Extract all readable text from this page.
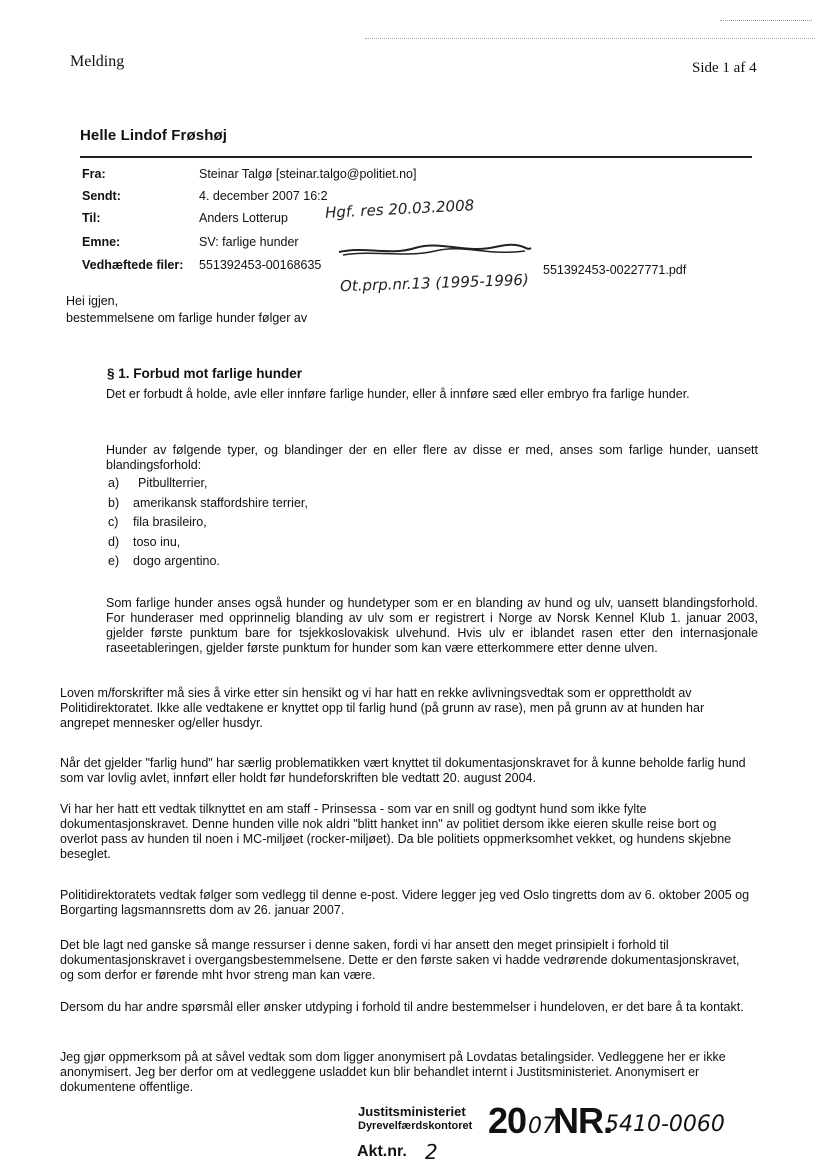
Melding	Side 1 af 4
Helle Lindof Frøshøj
Fra:	Steinar Talgø [steinar.talgo@politiet.no]
Sendt:	4. december 2007 16:2
Til:	Anders Lotterup
Emne:	SV: farlige hunder
Vedhæftede filer: 551392453-00168635	551392453-00227771.pdf
Hgf. res 20.03.2008
Ot.prp.nr.13 (1995-1996)
Hei igjen,
bestemmelsene om farlige hunder følger av
§ 1. Forbud mot farlige hunder
Det er forbudt å holde, avle eller innføre farlige hunder, eller å innføre sæd eller embryo fra farlige hunder.
Hunder av følgende typer, og blandinger der en eller flere av disse er med, anses som farlige hunder, uansett blandingsforhold:
a) Pitbullterrier,
b) amerikansk staffordshire terrier,
c) fila brasileiro,
d) toso inu,
e) dogo argentino.
Som farlige hunder anses også hunder og hundetyper som er en blanding av hund og ulv, uansett blandingsforhold. For hunderaser med opprinnelig blanding av ulv som er registrert i Norge av Norsk Kennel Klub 1. januar 2003, gjelder første punktum bare for tsjekkoslovakisk ulvehund. Hvis ulv er iblandet rasen etter den internasjonale raseetableringen, gjelder første punktum for hunder som kan være etterkommere etter denne ulven.
Loven m/forskrifter må sies å virke etter sin hensikt og vi har hatt en rekke avlivningsvedtak som er opprettholdt av Politidirektoratet. Ikke alle vedtakene er knyttet opp til farlig hund (på grunn av rase), men på grunn av at hunden har angrepet mennesker og/eller husdyr.
Når det gjelder "farlig hund" har særlig problematikken vært knyttet til dokumentasjonskravet for å kunne beholde farlig hund som var lovlig avlet, innført eller holdt før hundeforskriften ble vedtatt 20. august 2004.
Vi har her hatt ett vedtak tilknyttet en am staff - Prinsessa - som var en snill og godtynt hund som ikke fylte dokumentasjonskravet. Denne hunden ville nok aldri "blitt hanket inn" av politiet dersom ikke eieren skulle reise bort og overlot pass av hunden til noen i MC-miljøet (rocker-miljøet). Da ble politiets oppmerksomhet vekket, og hundens skjebne beseglet.
Politidirektoratets vedtak følger som vedlegg til denne e-post. Videre legger jeg ved Oslo tingretts dom av 6. oktober 2005 og Borgarting lagsmannsretts dom av 26. januar 2007.
Det ble lagt ned ganske så mange ressurser i denne saken, fordi vi har ansett den meget prinsipielt i forhold til dokumentasjonskravet i overgangsbestemmelsene. Dette er den første saken vi hadde vedrørende dokumentasjonskravet, og som derfor er førende mht hvor streng man kan være.
Dersom du har andre spørsmål eller ønsker utdyping i forhold til andre bestemmelser i hundeloven, er det bare å ta kontakt.
Jeg gjør oppmerksom på at såvel vedtak som dom ligger anonymisert på Lovdatas betalingsider. Vedleggene her er ikke anonymisert. Jeg ber derfor om at vedleggene usladdet kun blir behandlet internt i Justitsministeriet. Anonymisert er dokumentene offentlige.
Justitsministeriet
Dyrevelfærdskontoret 20 07
NR.
5410-0060
Akt.nr. 2
